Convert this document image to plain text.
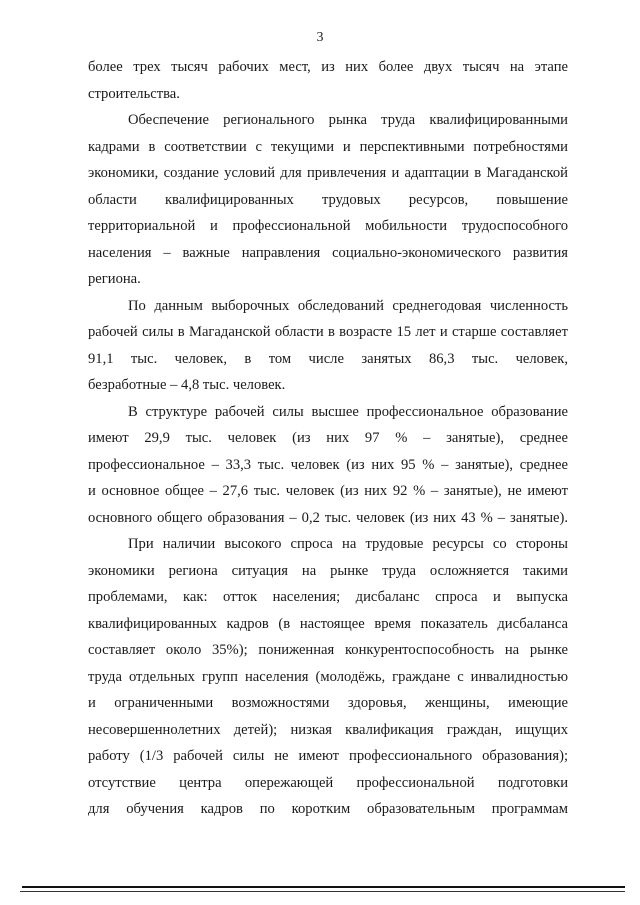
3
более трех тысяч рабочих мест, из них более двух тысяч на этапе
строительства.
Обеспечение регионального рынка труда квалифицированными
кадрами в соответствии с текущими и перспективными потребностями
экономики, создание условий для привлечения и адаптации в Магаданской
области квалифицированных трудовых ресурсов, повышение
территориальной и профессиональной мобильности трудоспособного
населения – важные направления социально-экономического развития
региона.
По данным выборочных обследований среднегодовая численность
рабочей силы в Магаданской области в возрасте 15 лет и старше составляет
91,1 тыс. человек, в том числе занятых 86,3 тыс. человек,
безработные – 4,8 тыс. человек.
В структуре рабочей силы высшее профессиональное образование
имеют 29,9 тыс. человек (из них 97 % – занятые), среднее
профессиональное – 33,3 тыс. человек (из них 95 % – занятые), среднее
и основное общее – 27,6 тыс. человек (из них 92 % – занятые), не имеют
основного общего образования – 0,2 тыс. человек (из них 43 % – занятые).
При наличии высокого спроса на трудовые ресурсы со стороны
экономики региона ситуация на рынке труда осложняется такими
проблемами, как: отток населения; дисбаланс спроса и выпуска
квалифицированных кадров (в настоящее время показатель дисбаланса
составляет около 35%); пониженная конкурентоспособность на рынке
труда отдельных групп населения (молодёжь, граждане с инвалидностью
и ограниченными возможностями здоровья, женщины, имеющие
несовершеннолетних детей); низкая квалификация граждан, ищущих
работу (1/3 рабочей силы не имеют профессионального образования);
отсутствие центра опережающей профессиональной подготовки
для обучения кадров по коротким образовательным программам
